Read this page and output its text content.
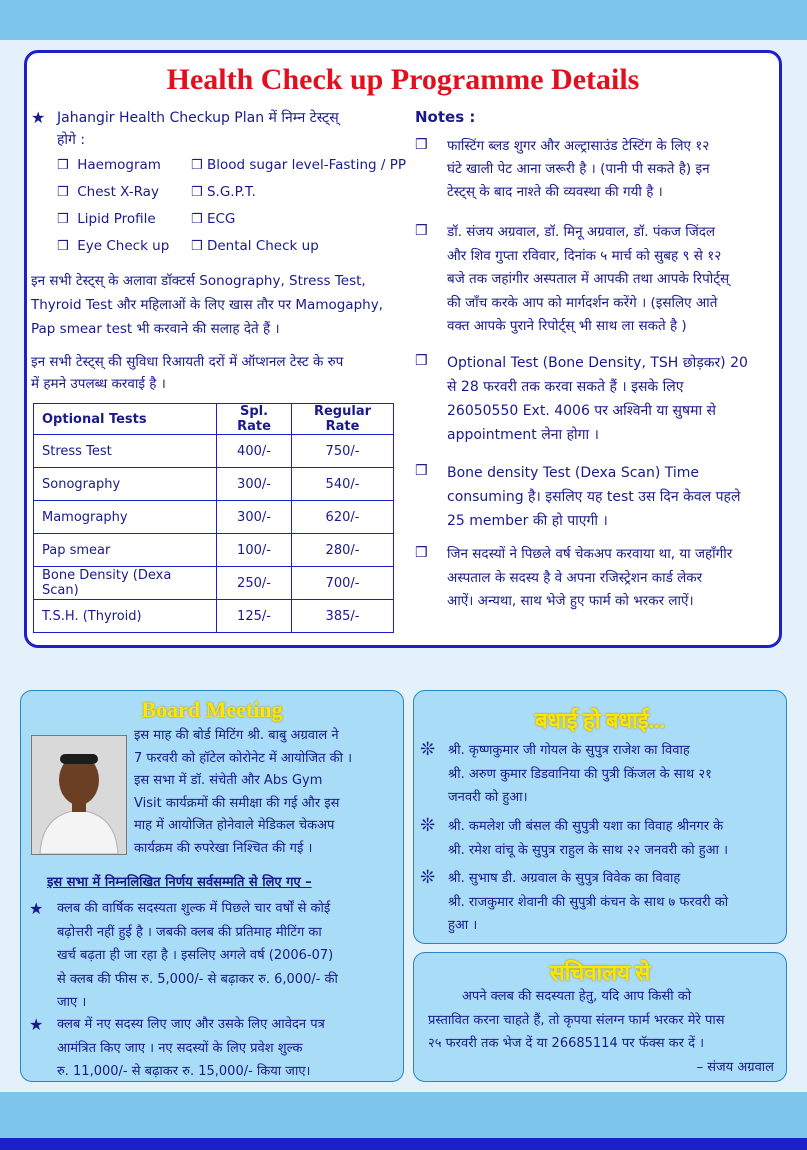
Health Check up Programme Details
★ Jahangir Health Checkup Plan में निम्न टेस्ट्स्
होगे :
❒ Haemogram
❒ Chest X-Ray
❒ Lipid Profile
❒ Eye Check up
❒ Blood sugar level-Fasting / PP
❒ S.G.P.T.
❒ ECG
❒ Dental Check up
इन सभी टेस्ट्स् के अलावा डॉक्टर्स Sonography, Stress Test,
Thyroid Test और महिलाओं के लिए खास तौर पर Mamogaphy,
Pap smear test भी करवाने की सलाह देते हैं ।
इन सभी टेस्ट्स् की सुविधा रिआयती दरों में ऑप्शनल टेस्ट के रुप
में हमने उपलब्ध करवाई है ।
Optional Tests	Spl. Rate	Regular Rate
Stress Test	400/-	750/-
Sonography	300/-	540/-
Mamography	300/-	620/-
Pap smear	100/-	280/-
Bone Density (Dexa Scan)	250/-	700/-
T.S.H. (Thyroid)	125/-	385/-
Notes :
❒ फास्टिंग ब्लड शुगर और अल्ट्रासाउंड टेस्टिंग के लिए १२
घंटे खाली पेट आना जरूरी है । (पानी पी सकते है) इन
टेस्ट्स् के बाद नाश्ते की व्यवस्था की गयी है ।
❒ डॉ. संजय अग्रवाल, डॉ. मिनू अग्रवाल, डॉ. पंकज जिंदल
और शिव गुप्ता रविवार, दिनांक ५ मार्च को सुबह ९ से १२
बजे तक जहांगीर अस्पताल में आपकी तथा आपके रिपोर्ट्स्
की जाँच करके आप को मार्गदर्शन करेंगे । (इसलिए आते
वक्त आपके पुराने रिपोर्ट्स् भी साथ ला सकते है )
❒ Optional Test (Bone Density, TSH छोड़कर) 20
से 28 फरवरी तक करवा सकते हैं । इसके लिए
26050550 Ext. 4006 पर अश्विनी या सुषमा से
appointment लेना होगा ।
❒ Bone density Test (Dexa Scan) Time
consuming है। इसलिए यह test उस दिन केवल पहले
25 member की हो पाएगी ।
❒ जिन सदस्यों ने पिछले वर्ष चेकअप करवाया था, या जहाँगीर
अस्पताल के सदस्य है वे अपना रजिस्ट्रेशन कार्ड लेकर
आऐं। अन्यथा, साथ भेजे हुए फार्म को भरकर लाऐं।
Board Meeting
इस माह की बोर्ड मिटिंग श्री. बाबु अग्रवाल ने
7 फरवरी को हॉटेल कोरोनेट में आयोजित की ।
इस सभा में डॉ. संचेती और Abs Gym
Visit कार्यक्रमों की समीक्षा की गई और इस
माह में आयोजित होनेवाले मेडिकल चेकअप
कार्यक्रम की रुपरेखा निश्चित की गई ।
इस सभा में निम्नलिखित निर्णय सर्वसम्मति से लिए गए –
★ क्लब की वार्षिक सदस्यता शुल्क में पिछले चार वर्षों से कोई
बढ़ोत्तरी नहीं हुई है । जबकी क्लब की प्रतिमाह मीटिंग का
खर्च बढ़ता ही जा रहा है । इसलिए अगले वर्ष (2006-07)
से क्लब की फीस रु. 5,000/- से बढ़ाकर रु. 6,000/- की
जाए ।
★ क्लब में नए सदस्य लिए जाए और उसके लिए आवेदन पत्र
आमंत्रित किए जाए । नए सदस्यों के लिए प्रवेश शुल्क
रु. 11,000/- से बढ़ाकर रु. 15,000/- किया जाए।
बधाई हो बधाई...
❊ श्री. कृष्णकुमार जी गोयल के सुपुत्र राजेश का विवाह
श्री. अरुण कुमार डिडवानिया की पुत्री किंजल के साथ २१
जनवरी को हुआ।
❊ श्री. कमलेश जी बंसल की सुपुत्री यशा का विवाह श्रीनगर के
श्री. रमेश वांचू के सुपुत्र राहुल के साथ २२ जनवरी को हुआ ।
❊ श्री. सुभाष डी. अग्रवाल के सुपुत्र विवेक का विवाह
श्री. राजकुमार शेवानी की सुपुत्री कंचन के साथ ७ फरवरी को
हुआ ।
सचिवालय से
अपने क्लब की सदस्यता हेतु, यदि आप किसी को
प्रस्तावित करना चाहते हैं, तो कृपया संलग्न फार्म भरकर मेरे पास
२५ फरवरी तक भेज दें या 26685114 पर फॅक्स कर दें ।
– संजय अग्रवाल
